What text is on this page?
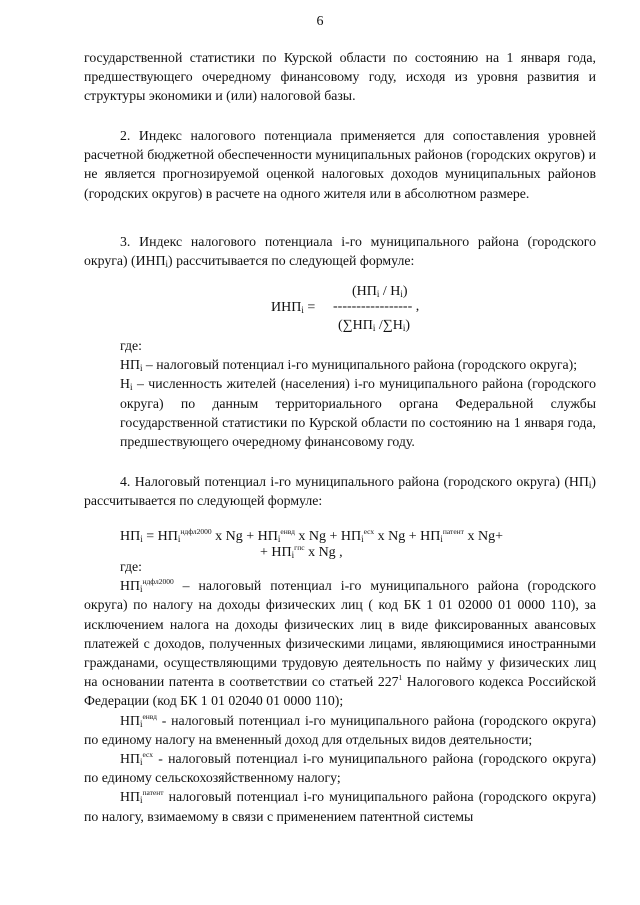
6

государственной статистики по Курской области по состоянию на 1 января года, предшествующего очередному финансовому году, исходя из уровня развития и структуры экономики и (или) налоговой базы.

2. Индекс налогового потенциала применяется для сопоставления уровней расчетной бюджетной обеспеченности муниципальных районов (городских округов) и не является прогнозируемой оценкой налоговых доходов муниципальных районов (городских округов) в расчете на одного жителя или в абсолютном размере.

3. Индекс налогового потенциала i-го муниципального района (городского округа) $(ИНП_i)$ рассчитывается по следующей формуле:

$(НП_i / Н_i)$
$ИНП_i$ = ----------------- ,
($\sum НП_i$ $/\sum Н_i$)

где:

$НП_i$ – налоговый потенциал i-го муниципального района (городского округа);

$Н_i$ – численность жителей (населения) i-го муниципального района (городского округа) по данным территориального органа Федеральной службы государственной статистики по Курской области по состоянию на 1 января года, предшествующего очередному финансовому году.

4. Налоговый потенциал i-го муниципального района (городского округа) $(НП_i)$ рассчитывается по следующей формуле:

$НП_i = НП_i^{ндфл2000}$ x $Ng + НП_i^{енвд}$ x $Ng + НП_i^{есх}$ x $Ng + НП_i^{патент}$ x Ng+
+ $НП_i^{гпс}$ x Ng ,

где:

$НП_i^{ндфл2000}$ – налоговый потенциал i-го муниципального района (городского округа) по налогу на доходы физических лиц ( код БК 1 01 02000 01 0000 110), за исключением налога на доходы физических лиц в виде фиксированных авансовых платежей с доходов, полученных физическими лицами, являющимися иностранными гражданами, осуществляющими трудовую деятельность по найму у физических лиц на основании патента в соответствии со статьей $227^1$ Налогового кодекса Российской Федерации (код БК 1 01 02040 01 0000 110);

$НП_i^{енвд}$ - налоговый потенциал i-го муниципального района (городского округа) по единому налогу на вмененный доход для отдельных видов деятельности;

$НП_i^{есх}$ - налоговый потенциал i-го муниципального района (городского округа) по единому сельскохозяйственному налогу;

$НП_i^{патент}$ налоговый потенциал i-го муниципального района (городского округа) по налогу, взимаемому в связи с применением патентной системы
